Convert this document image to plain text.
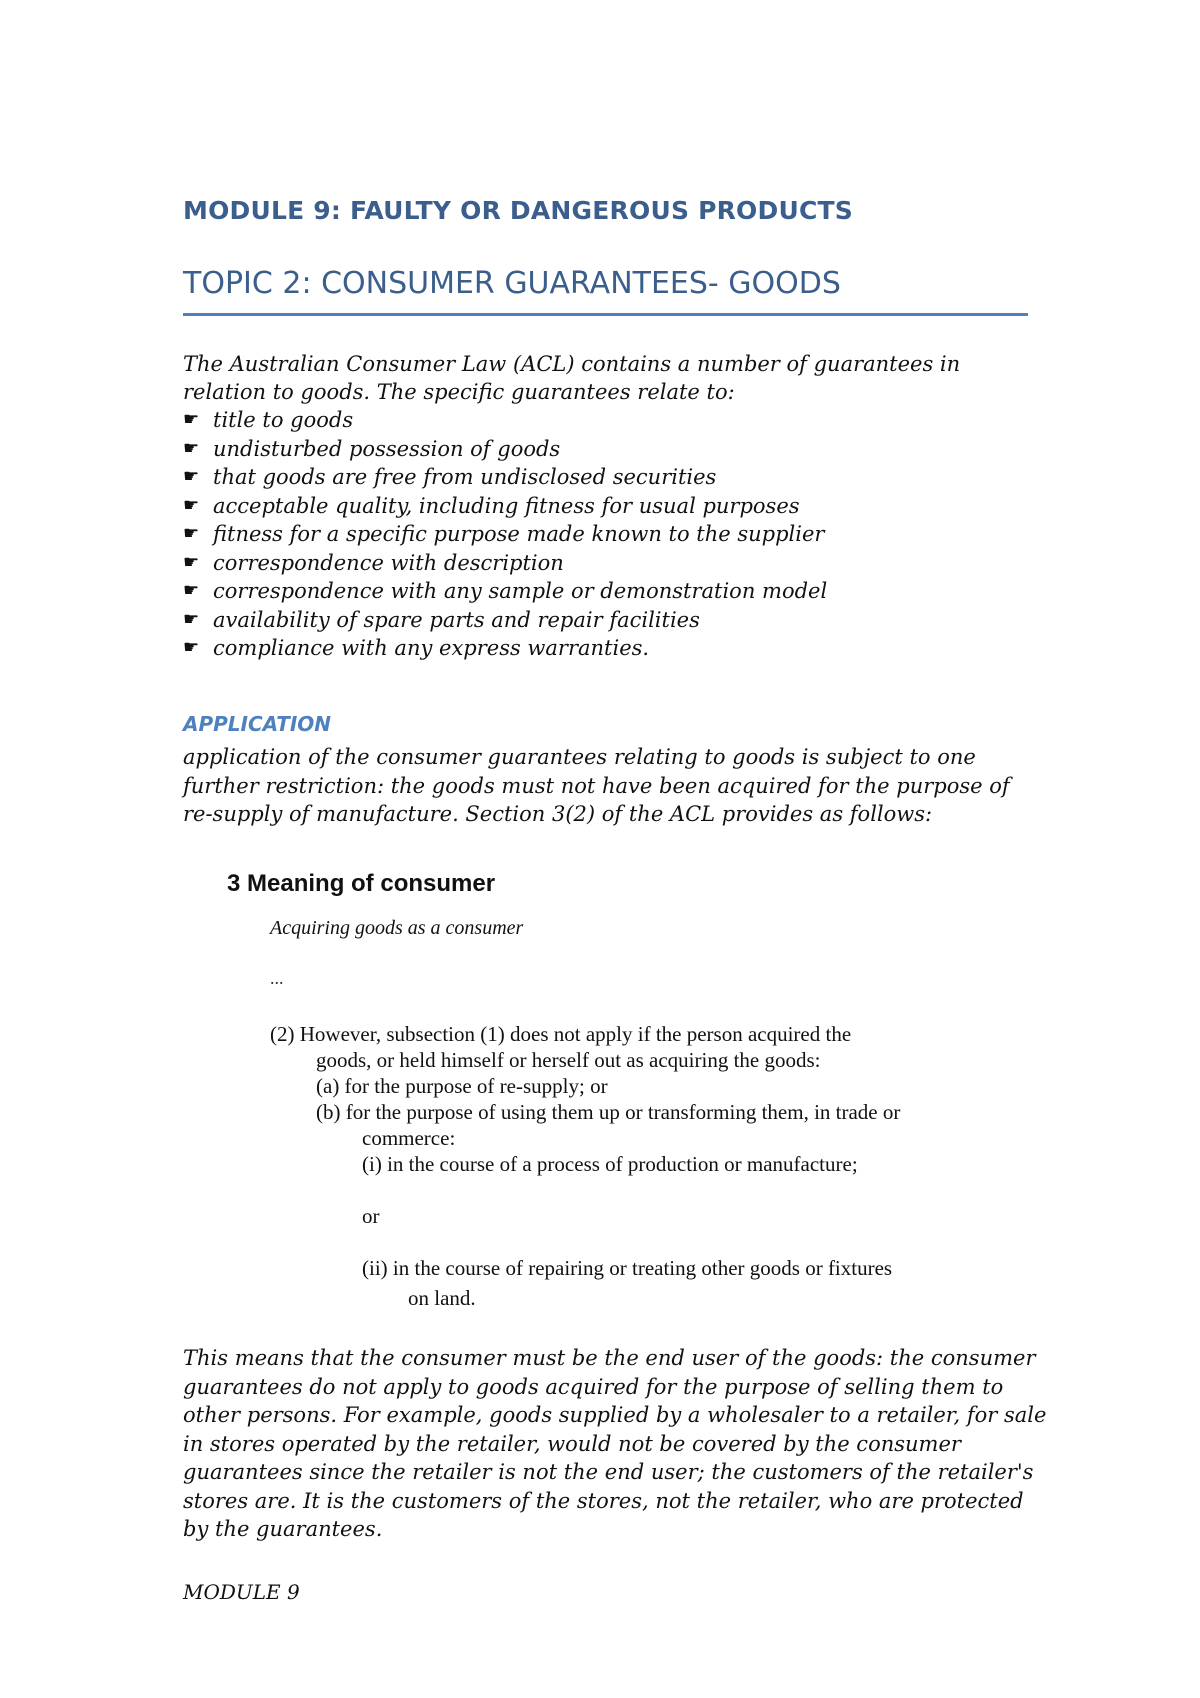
MODULE 9: FAULTY OR DANGEROUS PRODUCTS
TOPIC 2: CONSUMER GUARANTEES- GOODS

The Australian Consumer Law (ACL) contains a number of guarantees in relation to goods. The specific guarantees relate to:

☛ title to goods
☛ undisturbed possession of goods
☛ that goods are free from undisclosed securities
☛ acceptable quality, including fitness for usual purposes
☛ fitness for a specific purpose made known to the supplier
☛ correspondence with description
☛ correspondence with any sample or demonstration model
☛ availability of spare parts and repair facilities
☛ compliance with any express warranties.
APPLICATION

application of the consumer guarantees relating to goods is subject to one further restriction: the goods must not have been acquired for the purpose of re-supply of manufacture. Section 3(2) of the ACL provides as follows:

3 Meaning of consumer
Acquiring goods as a consumer
...
(2) However, subsection (1) does not apply if the person acquired the
goods, or held himself or herself out as acquiring the goods:
(a) for the purpose of re-supply; or
(b) for the purpose of using them up or transforming them, in trade or
commerce:
(i) in the course of a process of production or manufacture;
or
(ii) in the course of repairing or treating other goods or fixtures
on land.

This means that the consumer must be the end user of the goods: the consumer guarantees do not apply to goods acquired for the purpose of selling them to other persons. For example, goods supplied by a wholesaler to a retailer, for sale in stores operated by the retailer, would not be covered by the consumer guarantees since the retailer is not the end user; the customers of the retailer's stores are. It is the customers of the stores, not the retailer, who are protected by the guarantees.

MODULE 9
